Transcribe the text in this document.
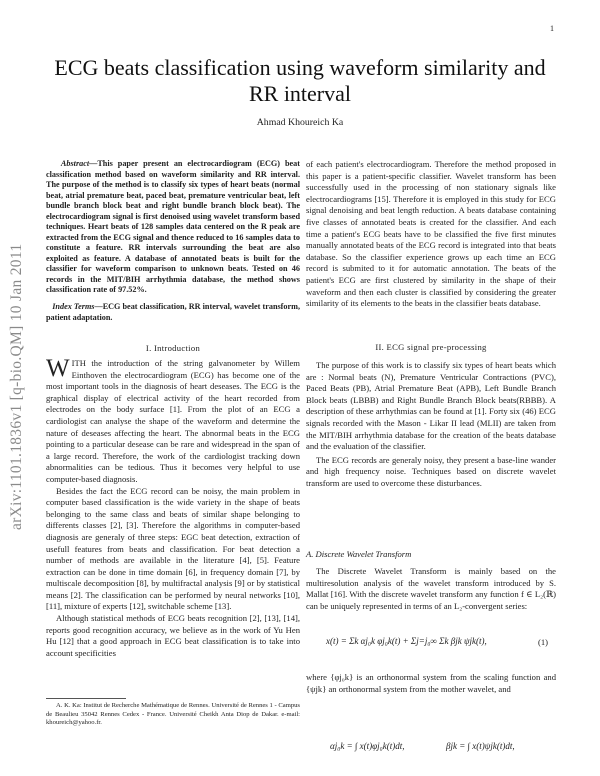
1
arXiv:1101.1836v1 [q-bio.QM] 10 Jan 2011
ECG beats classification using waveform similarity and RR interval
Ahmad Khoureich Ka
Abstract—This paper present an electrocardiogram (ECG) beat classification method based on waveform similarity and RR interval. The purpose of the method is to classify six types of heart beats (normal beat, atrial premature beat, paced beat, premature ventricular beat, left bundle branch block beat and right bundle branch block beat). The electrocardiogram signal is first denoised using wavelet transform based techniques. Heart beats of 128 samples data centered on the R peak are extracted from the ECG signal and thence reduced to 16 samples data to constitute a feature. RR intervals surrounding the beat are also exploited as feature. A database of annotated beats is built for the classifier for waveform comparison to unknown beats. Tested on 46 records in the MIT/BIH arrhythmia database, the method shows classification rate of 97.52%.
Index Terms—ECG beat classification, RR interval, wavelet transform, patient adaptation.
I. Introduction

WITH the introduction of the string galvanometer by Willem Einthoven the electrocardiogram (ECG) has become one of the most important tools in the diagnosis of heart deseases. The ECG is the graphical display of electrical activity of the heart recorded from electrodes on the body surface [1]. From the plot of an ECG a cardiologist can analyse the shape of the waveform and determine the nature of deseases affecting the heart. The abnormal beats in the ECG pointing to a particular desease can be rare and widespread in the span of a large record. Therefore, the work of the cardiologist tracking down abnormalities can be tedious. Thus it becomes very helpful to use computer-based diagnosis.

Besides the fact the ECG record can be noisy, the main problem in computer based classification is the wide variety in the shape of beats belonging to the same class and beats of similar shape belonging to differents classes [2], [3]. Therefore the algorithms in computer-based diagnosis are generaly of three steps: EGC beat detection, extraction of usefull features from beats and classification. For beat detection a number of methods are available in the literature [4], [5]. Feature extraction can be done in time domain [6], in frequency domain [7], by multiscale decomposition [8], by multifractal analysis [9] or by statistical means [2]. The classification can be performed by neural networks [10], [11], mixture of experts [12], switchable scheme [13].

Although statistical methods of ECG beats recognition [2], [13], [14], reports good recognition accuracy, we believe as in the work of Yu Hen Hu [12] that a good approach in ECG beat classification is to take into account specificities

A. K. Ka: Institut de Recherche Mathématique de Rennes. Université de Rennes 1 - Campus de Beaulieu 35042 Rennes Cedex - France. Université Cheikh Anta Diop de Dakar. e-mail: khoureich@yahoo.fr.

of each patient's electrocardiogram. Therefore the method proposed in this paper is a patient-specific classifier. Wavelet transform has been successfully used in the processing of non stationary signals like electrocardiograms [15]. Therefore it is employed in this study for ECG signal denoising and beat length reduction. A beats database containing five classes of annotated beats is created for the classifier. And each time a patient's ECG beats have to be classified the five first minutes manually annotated beats of the ECG record is integrated into that beats database. So the classifier experience grows up each time an ECG record is submited to it for automatic annotation. The beats of the patient's ECG are first clustered by similarity in the shape of their waveform and then each cluster is classified by considering the greater similarity of its elements to the beats in the classifier beats database.

II. ECG signal pre-processing

The purpose of this work is to classify six types of heart beats which are : Normal beats (N), Premature Ventricular Contractions (PVC), Paced Beats (PB), Atrial Premature Beat (APB), Left Bundle Branch Block beats (LBBB) and Right Bundle Branch Block beats(RBBB). A description of these arrhythmias can be found at [1]. Forty six (46) ECG signals recorded with the Mason - Likar II lead (MLII) are taken from the MIT/BIH arrhythmia database for the creation of the beats database and the evaluation of the classifier.

The ECG records are generaly noisy, they present a base-line wander and high frequency noise. Techniques based on discrete wavelet transform are used to overcome these disturbances.

A. Discrete Wavelet Transform

The Discrete Wavelet Transform is mainly based on the multiresolution analysis of the wavelet transform introduced by S. Mallat [16]. With the discrete wavelet transform any function f ∈ L₂(ℝ) can be uniquely represented in terms of an L₂-convergent series:

x(t) = Σk αj₀k φj₀k(t) + Σj=j₀∞ Σk βjk ψjk(t),	(1)

where {φj₀k} is an orthonormal system from the scaling function and {ψjk} an orthonormal system from the mother wavelet, and

αj₀k = ∫ x(t)φj₀k(t)dt,	βjk = ∫ x(t)ψjk(t)dt,
